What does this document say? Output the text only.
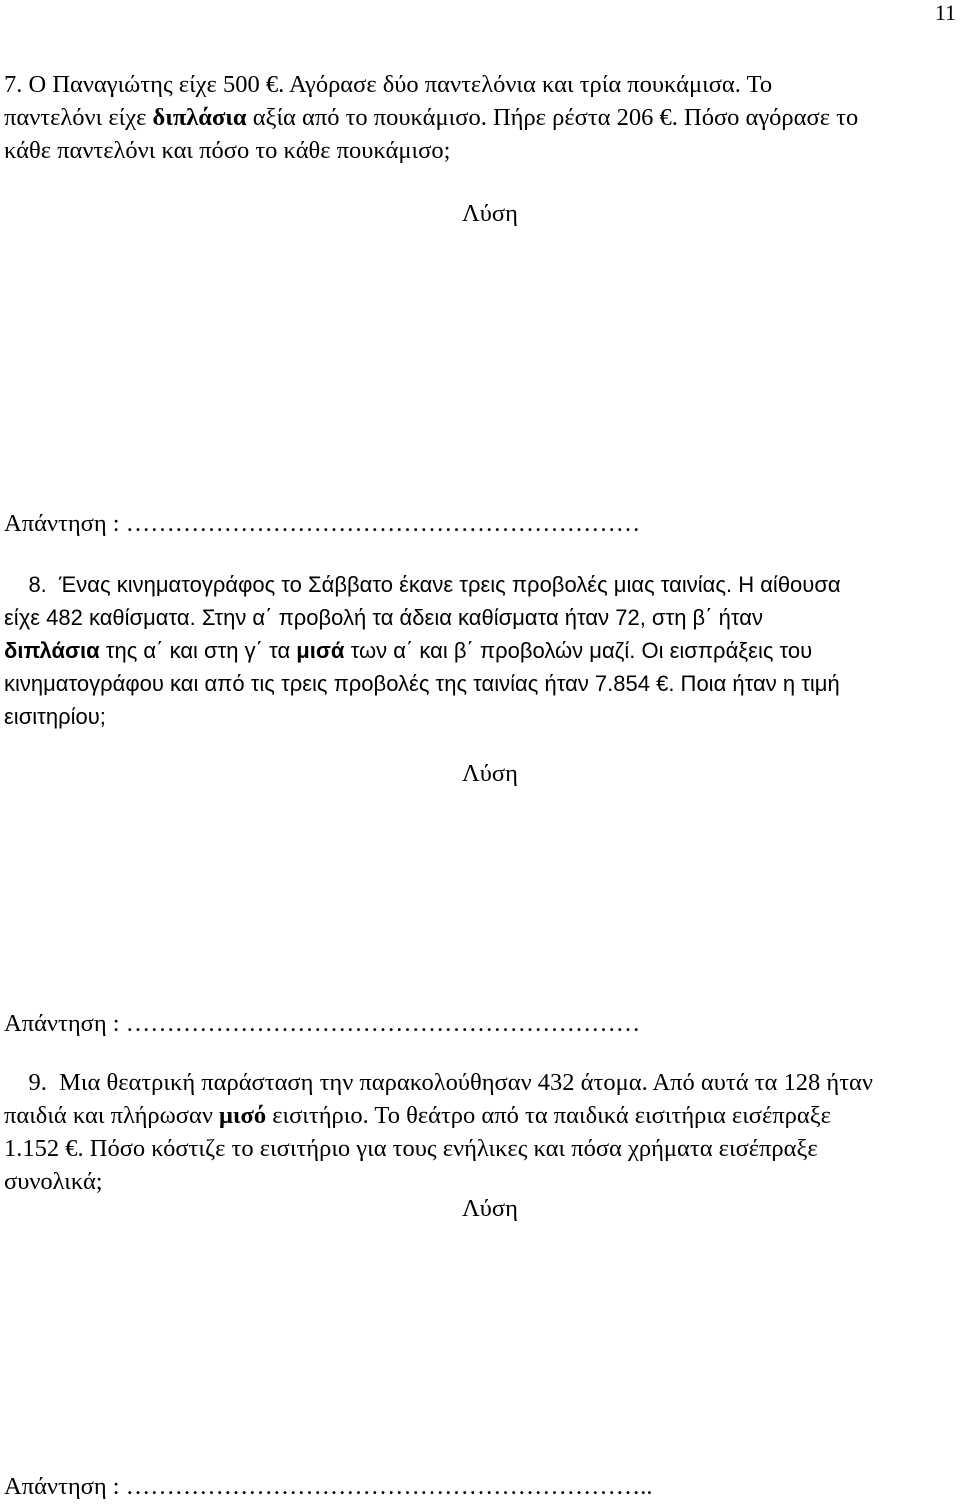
11
7. Ο Παναγιώτης είχε 500 €. Αγόρασε δύο παντελόνια και τρία πουκάμισα. Το
παντελόνι είχε διπλάσια αξία από το πουκάμισο. Πήρε ρέστα 206 €. Πόσο αγόρασε το
κάθε παντελόνι και πόσο το κάθε πουκάμισο;
Λύση
Απάντηση : ………………………………………………………
8.  Ένας κινηματογράφος το Σάββατο έκανε τρεις προβολές μιας ταινίας. Η αίθουσα
είχε 482 καθίσματα. Στην α΄ προβολή τα άδεια καθίσματα ήταν 72, στη β΄ ήταν
διπλάσια της α΄ και στη γ΄ τα μισά των α΄ και β΄ προβολών μαζί. Οι εισπράξεις του
κινηματογράφου και από τις τρεις προβολές της ταινίας ήταν 7.854 €. Ποια ήταν η τιμή
εισιτηρίου;
Λύση
Απάντηση : ………………………………………………………
9.  Μια θεατρική παράσταση την παρακολούθησαν 432 άτομα. Από αυτά τα 128 ήταν
παιδιά και πλήρωσαν μισό εισιτήριο. Το θεάτρο από τα παιδικά εισιτήρια εισέπραξε
1.152 €. Πόσο κόστιζε το εισιτήριο για τους ενήλικες και πόσα χρήματα εισέπραξε
συνολικά;
Λύση
Απάντηση : ………………………………………………………..
